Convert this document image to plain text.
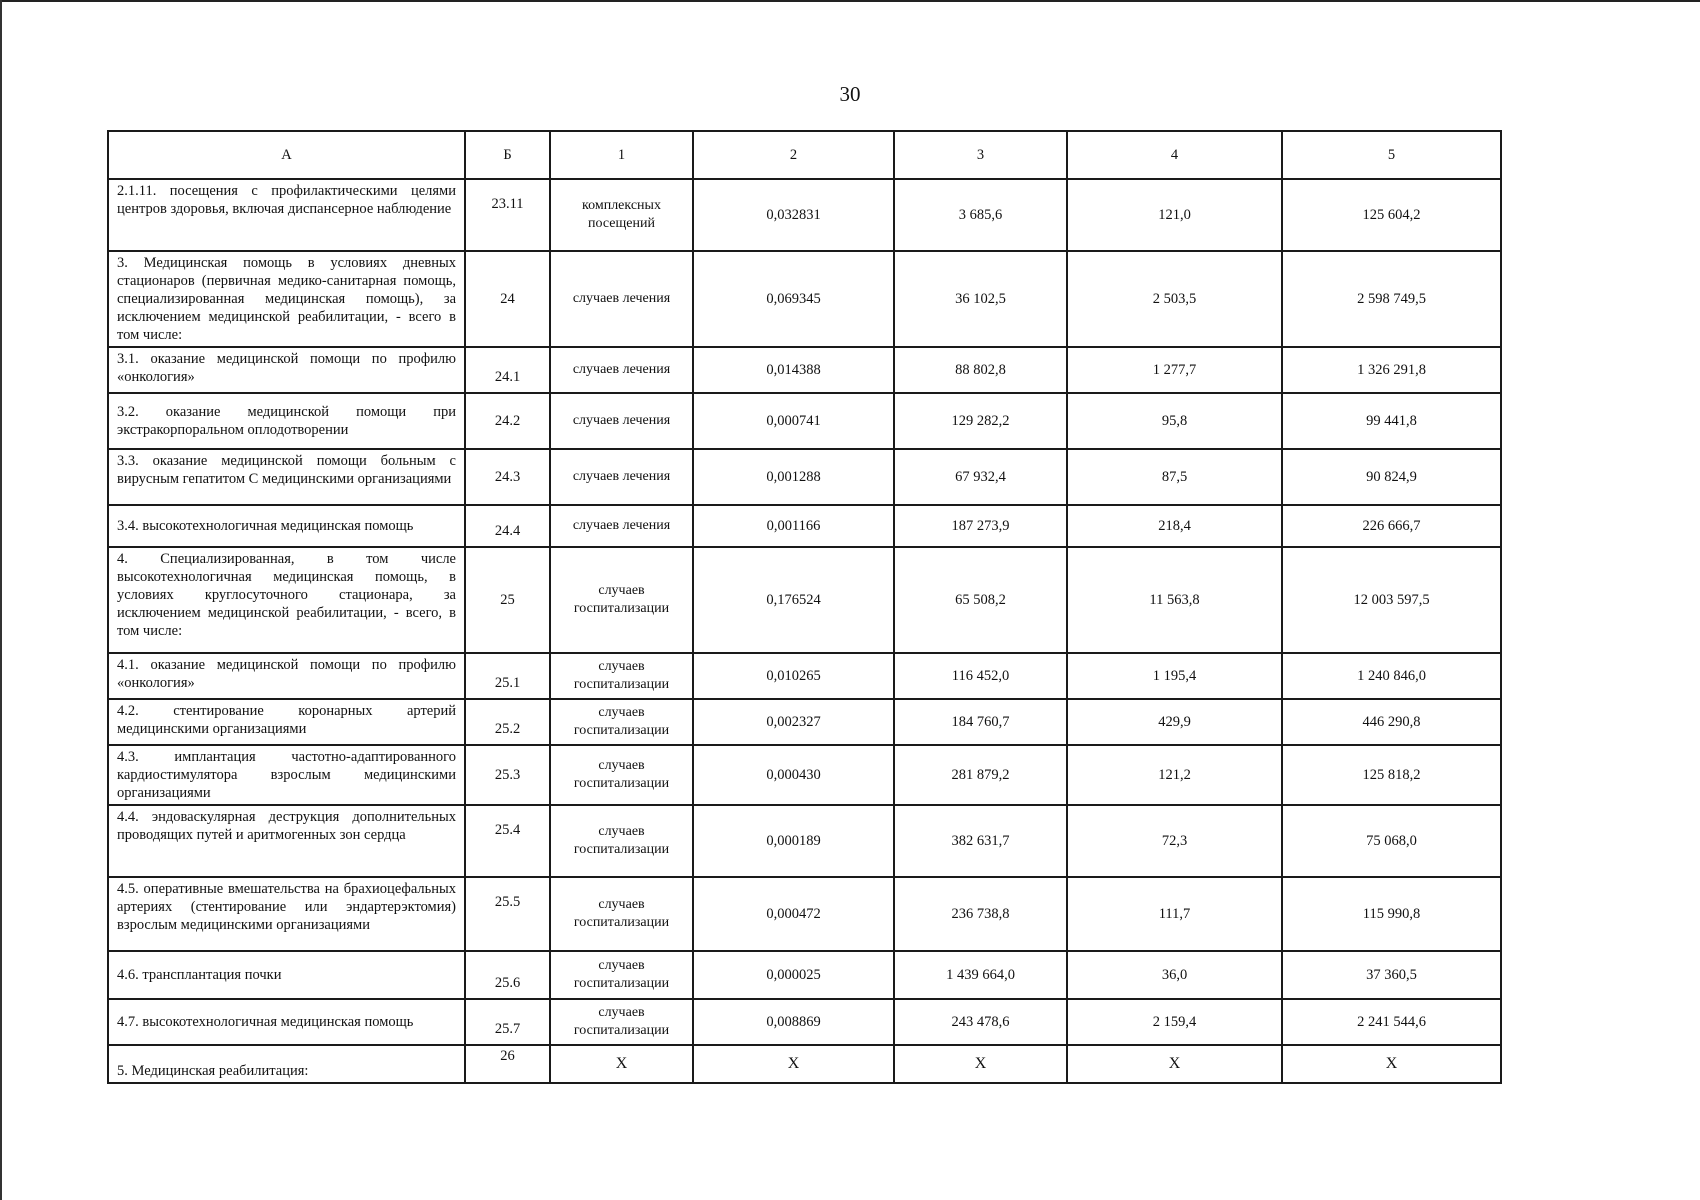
30
А	Б	1	2	3	4	5
2.1.11. посещения с профилактическими целями центров здоровья, включая диспансерное наблюдение	23.11	комплексных посещений	0,032831	3 685,6	121,0	125 604,2
3. Медицинская помощь в условиях дневных стационаров (первичная медико-санитарная помощь, специализированная медицинская помощь), за исключением медицинской реабилитации, - всего в том числе:	24	случаев лечения	0,069345	36 102,5	2 503,5	2 598 749,5
3.1. оказание медицинской помощи по профилю «онкология»	24.1	случаев лечения	0,014388	88 802,8	1 277,7	1 326 291,8
3.2. оказание медицинской помощи при экстракорпоральном оплодотворении	24.2	случаев лечения	0,000741	129 282,2	95,8	99 441,8
3.3. оказание медицинской помощи больным с вирусным гепатитом С медицинскими организациями	24.3	случаев лечения	0,001288	67 932,4	87,5	90 824,9
3.4. высокотехнологичная медицинская помощь	24.4	случаев лечения	0,001166	187 273,9	218,4	226 666,7
4. Специализированная, в том числе высокотехнологичная медицинская помощь, в условиях круглосуточного стационара, за исключением медицинской реабилитации, - всего, в том числе:	25	случаев госпитализации	0,176524	65 508,2	11 563,8	12 003 597,5
4.1. оказание медицинской помощи по профилю «онкология»	25.1	случаев госпитализации	0,010265	116 452,0	1 195,4	1 240 846,0
4.2. стентирование коронарных артерий медицинскими организациями	25.2	случаев госпитализации	0,002327	184 760,7	429,9	446 290,8
4.3. имплантация частотно-адаптированного кардиостимулятора взрослым медицинскими организациями	25.3	случаев госпитализации	0,000430	281 879,2	121,2	125 818,2
4.4. эндоваскулярная деструкция дополнительных проводящих путей и аритмогенных зон сердца	25.4	случаев госпитализации	0,000189	382 631,7	72,3	75 068,0
4.5. оперативные вмешательства на брахиоцефальных артериях (стентирование или эндартерэктомия) взрослым медицинскими организациями	25.5	случаев госпитализации	0,000472	236 738,8	111,7	115 990,8
4.6. трансплантация почки	25.6	случаев госпитализации	0,000025	1 439 664,0	36,0	37 360,5
4.7. высокотехнологичная медицинская помощь	25.7	случаев госпитализации	0,008869	243 478,6	2 159,4	2 241 544,6
5. Медицинская реабилитация:	26	X	X	X	X	X
